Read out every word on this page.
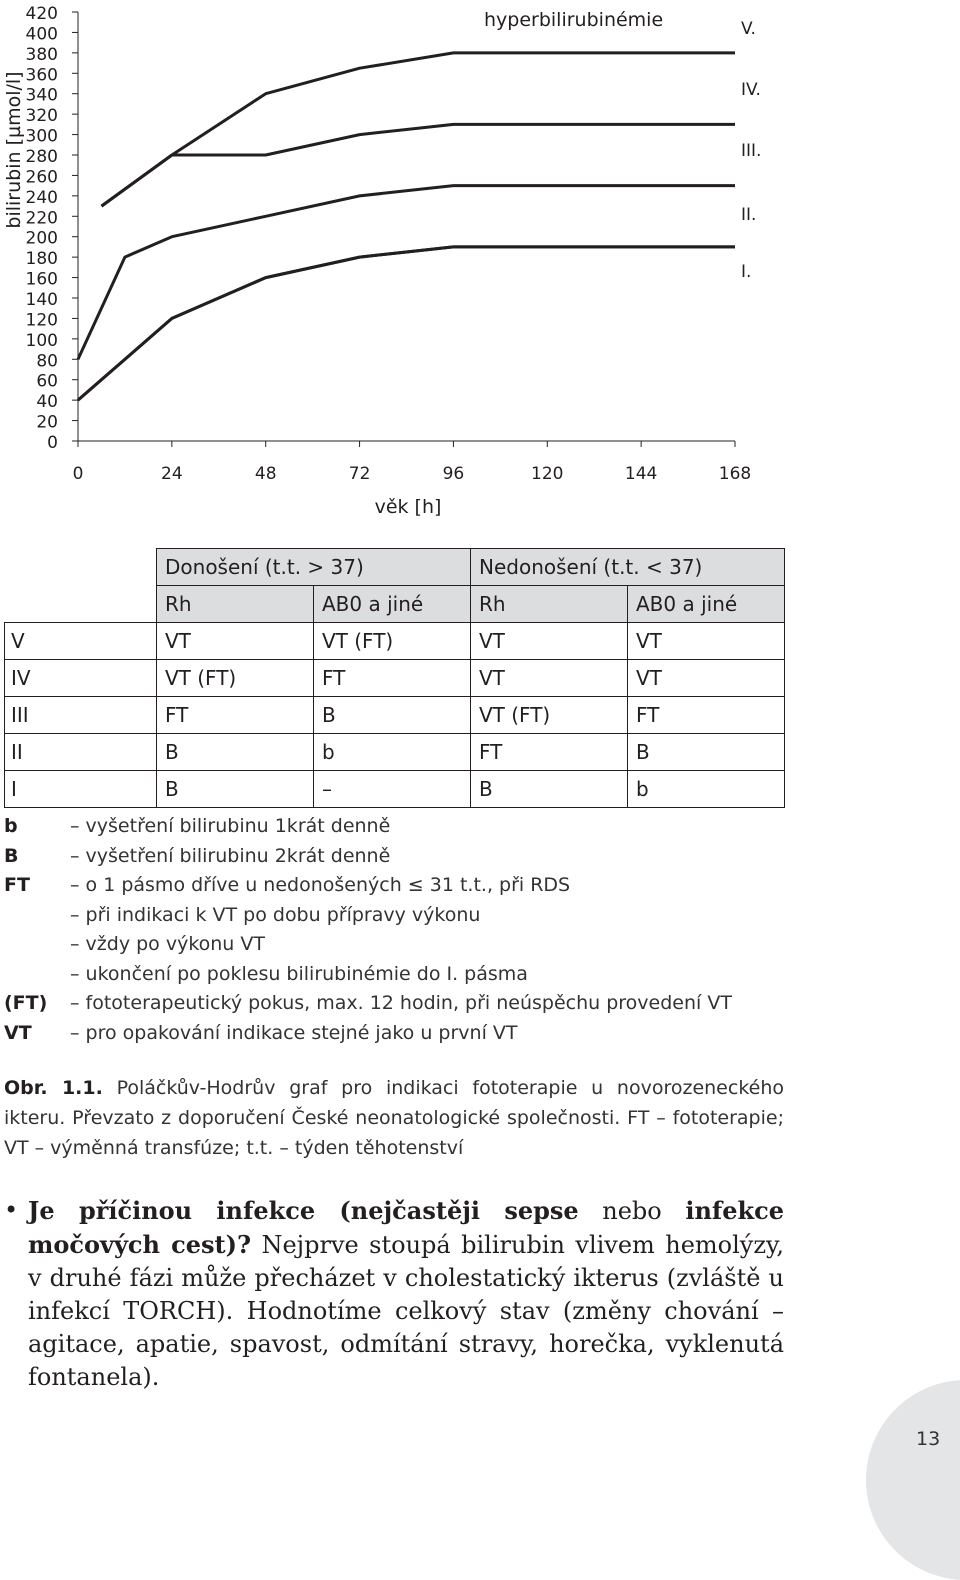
0
20
40
60
80
100
120
140
160
180
200
220
240
260
280
300
320
340
360
380
400
420
0	24	48	72	96	120	144	168
V.
IV.
III.
II.
I.
bilirubin [µmol/l]
věk [h]
hyperbilirubinémie
	Donošení (t.t. > 37)		Nedonošení (t.t. < 37)	
	Rh	AB0 a jiné	Rh	AB0 a jiné
V	VT	VT (FT)	VT	VT
IV	VT (FT)	FT	VT	VT
III	FT	B	VT (FT)	FT
II	B	b	FT	B
I	B	–	B	b
b	– vyšetření bilirubinu 1krát denně
B	– vyšetření bilirubinu 2krát denně
FT	– o 1 pásmo dříve u nedonošených ≤ 31 t.t., při RDS
– při indikaci k VT po dobu přípravy výkonu
– vždy po výkonu VT
– ukončení po poklesu bilirubinémie do I. pásma
(FT)	– fototerapeutický pokus, max. 12 hodin, při neúspěchu provedení VT
VT	– pro opakování indikace stejné jako u první VT
Obr. 1.1. Poláčkův-Hodrův graf pro indikaci fototerapie u novorozeneckého ikteru. Převzato z doporučení České neonatologické společnosti. FT – fototerapie; VT – výměnná transfúze; t.t. – týden těhotenství
• Je příčinou infekce (nejčastěji sepse nebo infekce močových cest)? Nejprve stoupá bilirubin vlivem hemolýzy, v druhé fázi může přecházet v cholestatický ikterus (zvláště u infekcí TORCH). Hodnotíme celkový stav (změny chování – agitace, apatie, spavost, odmítání stravy, horečka, vyklenutá fontanela).
13
